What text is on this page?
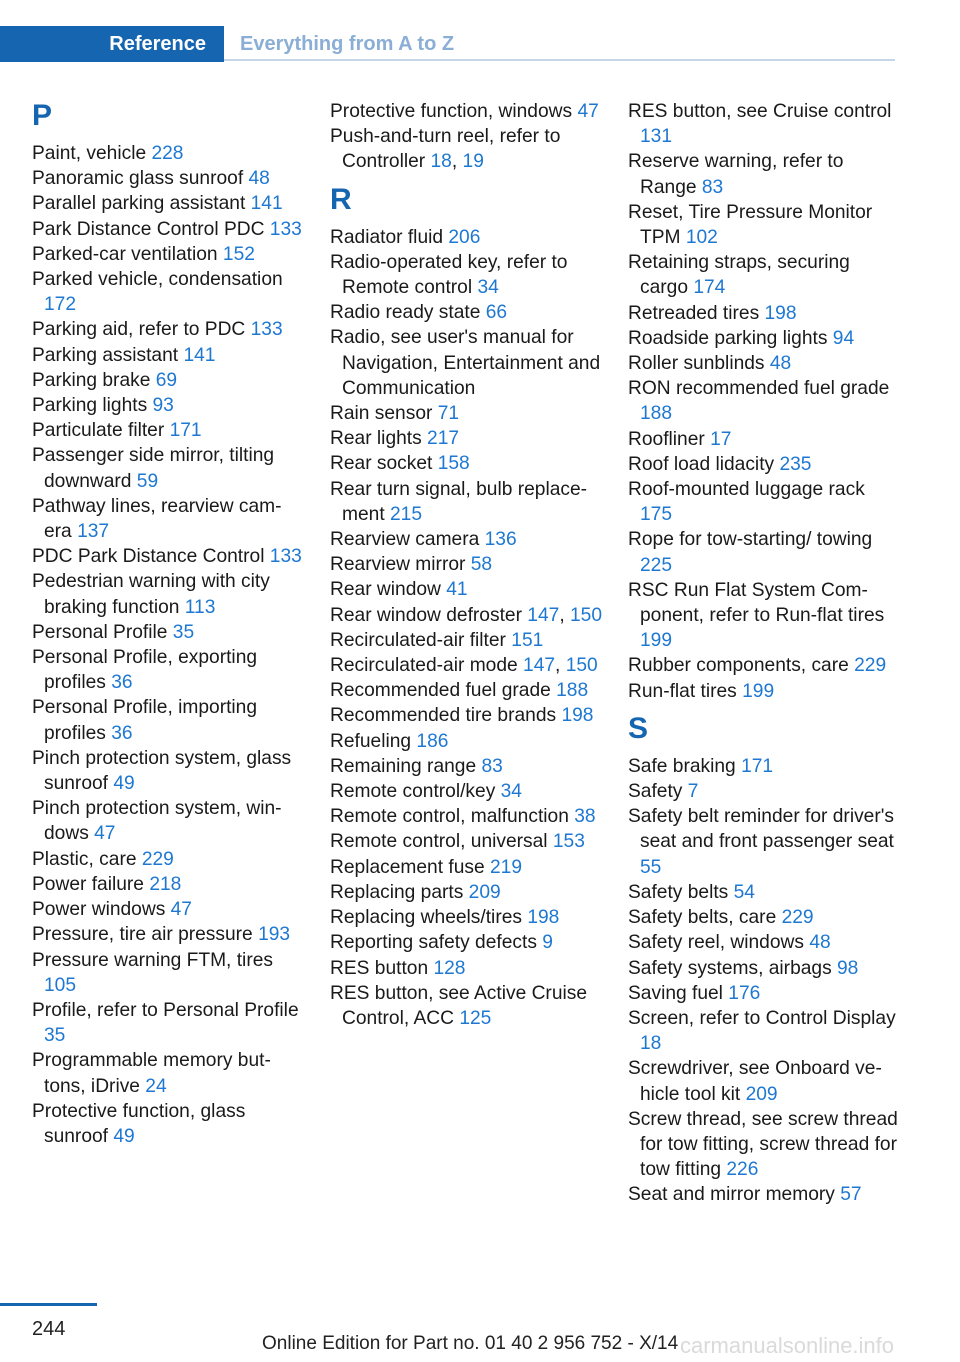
Reference	Everything from A to Z
P
Paint, vehicle 228
Panoramic glass sunroof 48
Parallel parking assistant 141
Park Distance Control PDC 133
Parked-car ventilation 152
Parked vehicle, condensation 172
Parking aid, refer to PDC 133
Parking assistant 141
Parking brake 69
Parking lights 93
Particulate filter 171
Passenger side mirror, tilting downward 59
Pathway lines, rearview camera 137
PDC Park Distance Control 133
Pedestrian warning with city braking function 113
Personal Profile 35
Personal Profile, exporting profiles 36
Personal Profile, importing profiles 36
Pinch protection system, glass sunroof 49
Pinch protection system, windows 47
Plastic, care 229
Power failure 218
Power windows 47
Pressure, tire air pressure 193
Pressure warning FTM, tires 105
Profile, refer to Personal Profile 35
Programmable memory buttons, iDrive 24
Protective function, glass sunroof 49
Protective function, windows 47
Push-and-turn reel, refer to Controller 18, 19
R
Radiator fluid 206
Radio-operated key, refer to Remote control 34
Radio ready state 66
Radio, see user's manual for Navigation, Entertainment and Communication
Rain sensor 71
Rear lights 217
Rear socket 158
Rear turn signal, bulb replacement 215
Rearview camera 136
Rearview mirror 58
Rear window 41
Rear window defroster 147, 150
Recirculated-air filter 151
Recirculated-air mode 147, 150
Recommended fuel grade 188
Recommended tire brands 198
Refueling 186
Remaining range 83
Remote control/key 34
Remote control, malfunction 38
Remote control, universal 153
Replacement fuse 219
Replacing parts 209
Replacing wheels/tires 198
Reporting safety defects 9
RES button 128
RES button, see Active Cruise Control, ACC 125
RES button, see Cruise control 131
Reserve warning, refer to Range 83
Reset, Tire Pressure Monitor TPM 102
Retaining straps, securing cargo 174
Retreaded tires 198
Roadside parking lights 94
Roller sunblinds 48
RON recommended fuel grade 188
Roofliner 17
Roof load lidacity 235
Roof-mounted luggage rack 175
Rope for tow-starting/ towing 225
RSC Run Flat System Component, refer to Run-flat tires 199
Rubber components, care 229
Run-flat tires 199
S
Safe braking 171
Safety 7
Safety belt reminder for driver's seat and front passenger seat 55
Safety belts 54
Safety belts, care 229
Safety reel, windows 48
Safety systems, airbags 98
Saving fuel 176
Screen, refer to Control Display 18
Screwdriver, see Onboard vehicle tool kit 209
Screw thread, see screw thread for tow fitting, screw thread for tow fitting 226
Seat and mirror memory 57
244
Online Edition for Part no. 01 40 2 956 752 - X/14 carmanualsonline.info
